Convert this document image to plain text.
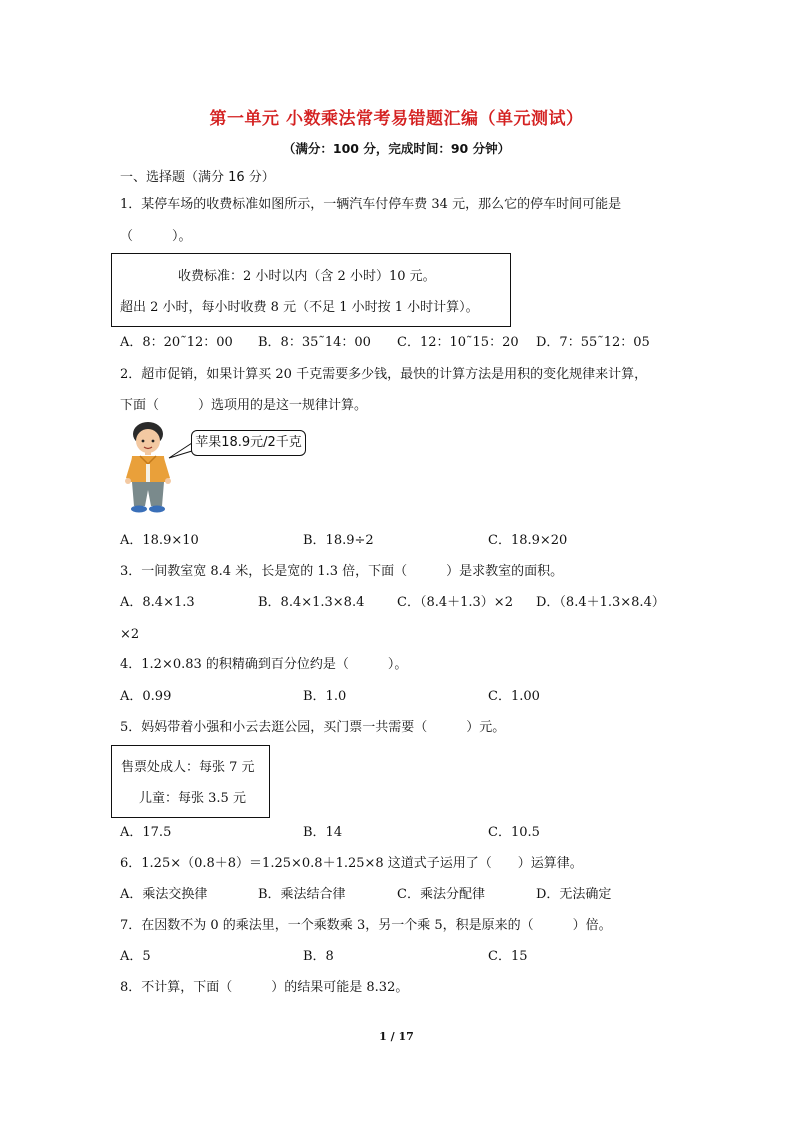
第一单元 小数乘法常考易错题汇编（单元测试）
（满分：100 分，完成时间：90 分钟）
一、选择题（满分 16 分）
1．某停车场的收费标准如图所示，一辆汽车付停车费 34 元，那么它的停车时间可能是
（　　　）。
收费标准：2 小时以内（含 2 小时）10 元。
超出 2 小时，每小时收费 8 元（不足 1 小时按 1 小时计算）。
A．8：20˜12：00 B．8：35˜14：00 C．12：10˜15：20 D．7：55˜12：05
2．超市促销，如果计算买 20 千克需要多少钱，最快的计算方法是用积的变化规律来计算，
下面（　　　）选项用的是这一规律计算。
苹果18.9元/2千克
A．18.9×10	B．18.9÷2	C．18.9×20
3．一间教室宽 8.4 米，长是宽的 1.3 倍，下面（　　　）是求教室的面积。
A．8.4×1.3	B．8.4×1.3×8.4	C．（8.4＋1.3）×2 D．（8.4＋1.3×8.4）
×2
4．1.2×0.83 的积精确到百分位约是（　　　）。
A．0.99	B．1.0	C．1.00
5．妈妈带着小强和小云去逛公园，买门票一共需要（　　　）元。
售票处成人：每张 7 元
儿童：每张 3.5 元
A．17.5	B．14	C．10.5
6．1.25×（0.8＋8）＝1.25×0.8＋1.25×8 这道式子运用了（　　）运算律。
A．乘法交换律	B．乘法结合律	C．乘法分配律	D．无法确定
7．在因数不为 0 的乘法里，一个乘数乘 3，另一个乘 5，积是原来的（　　　）倍。
A．5	B．8	C．15
8．不计算，下面（　　　）的结果可能是 8.32。
1 / 17
